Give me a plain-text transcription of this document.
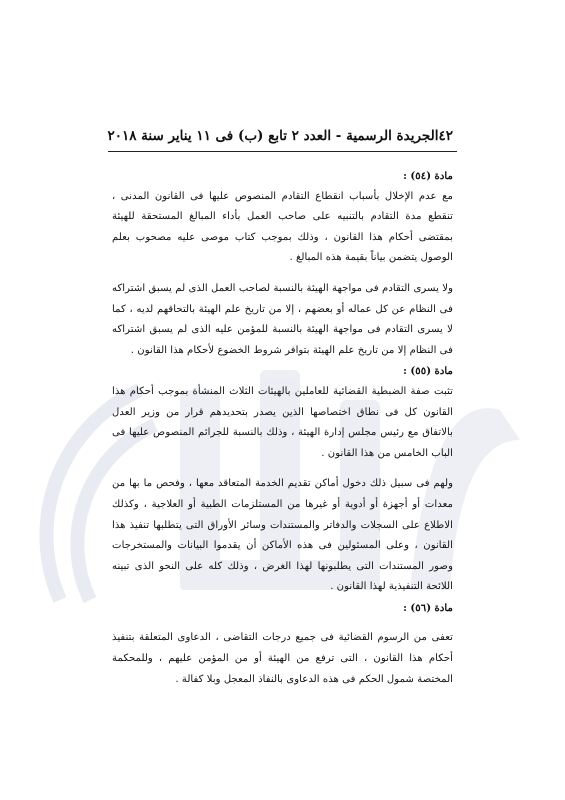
٤٢
الجريدة الرسمية - العدد ٢ تابع (ب) فى ١١ يناير سنة ٢٠١٨
مادة (٥٤) :

مع عدم الإخلال بأسباب انقطاع التقادم المنصوص عليها فى القانون المدنى ، تنقطع مدة التقادم بالتنبيه على صاحب العمل بأداء المبالغ المستحقة للهيئة بمقتضى أحكام هذا القانون ، وذلك بموجب كتاب موصى عليه مصحوب بعلم الوصول يتضمن بياناً بقيمة هذه المبالغ .

ولا يسرى التقادم فى مواجهة الهيئة بالنسبة لصاحب العمل الذى لم يسبق اشتراكه فى النظام عن كل عماله أو بعضهم ، إلا من تاريخ علم الهيئة بالتحاقهم لديه ، كما لا يسرى التقادم فى مواجهة الهيئة بالنسبة للمؤمن عليه الذى لم يسبق اشتراكه فى النظام إلا من تاريخ علم الهيئة بتوافر شروط الخضوع لأحكام هذا القانون .

مادة (٥٥) :

تثبت صفة الضبطية القضائية للعاملين بالهيئات الثلاث المنشأة بموجب أحكام هذا القانون كل فى نطاق اختصاصها الذين يصدر بتحديدهم قرار من وزير العدل بالاتفاق مع رئيس مجلس إدارة الهيئة ، وذلك بالنسبة للجرائم المنصوص عليها فى الباب الخامس من هذا القانون .

ولهم فى سبيل ذلك دخول أماكن تقديم الخدمة المتعاقد معها ، وفحص ما بها من معدات أو أجهزة أو أدوية أو غيرها من المستلزمات الطبية أو العلاجية ، وكذلك الاطلاع على السجلات والدفاتر والمستندات وسائر الأوراق التى يتطلبها تنفيذ هذا القانون ، وعلى المسئولين فى هذه الأماكن أن يقدموا البيانات والمستخرجات وصور المستندات التى يطلبونها لهذا الغرض ، وذلك كله على النحو الذى تبينه اللائحة التنفيذية لهذا القانون .

مادة (٥٦) :

تعفى من الرسوم القضائية فى جميع درجات التقاضى ، الدعاوى المتعلقة بتنفيذ أحكام هذا القانون ، التى ترفع من الهيئة أو من المؤمن عليهم ، وللمحكمة المختصة شمول الحكم فى هذه الدعاوى بالنفاذ المعجل وبلا كفالة .
